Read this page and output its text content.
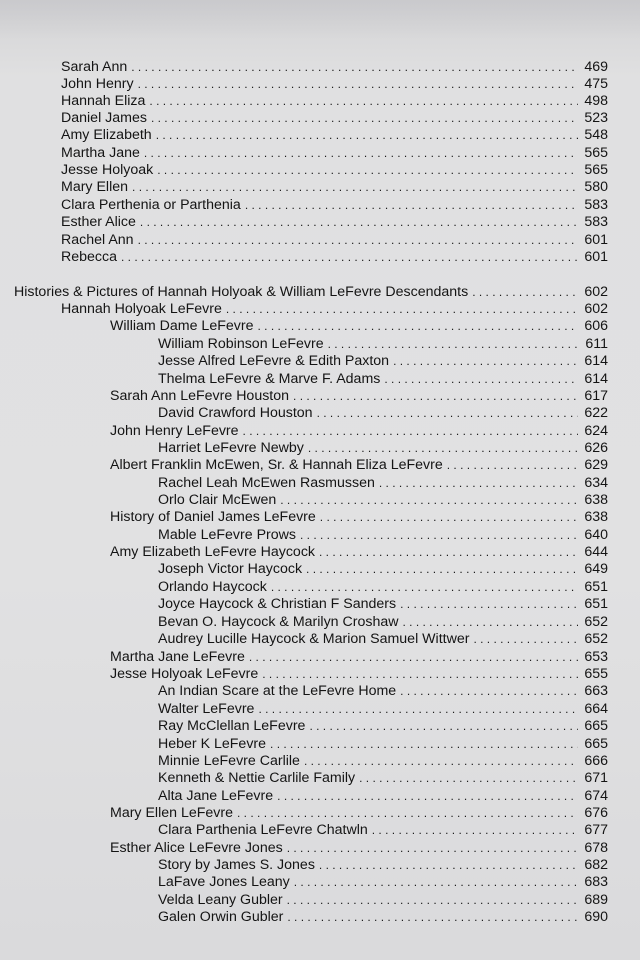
Sarah Ann . . .	469
John Henry . . .	475
Hannah Eliza . . .	498
Daniel James . . .	523
Amy Elizabeth . . .	548
Martha Jane . . .	565
Jesse Holyoak . . .	565
Mary Ellen . . .	580
Clara Perthenia or Parthenia . . .	583
Esther Alice . . .	583
Rachel Ann . . .	601
Rebecca . . .	601
Histories & Pictures of Hannah Holyoak & William LeFevre Descendants . . .	602
Hannah Holyoak LeFevre . . .	602
William Dame LeFevre . . .	606
William Robinson LeFevre . . .	611
Jesse Alfred LeFevre & Edith Paxton . . .	614
Thelma LeFevre & Marve F. Adams . . .	614
Sarah Ann LeFevre Houston . . .	617
David Crawford Houston . . .	622
John Henry LeFevre . . .	624
Harriet LeFevre Newby . . .	626
Albert Franklin McEwen, Sr. & Hannah Eliza LeFevre . . .	629
Rachel Leah McEwen Rasmussen . . .	634
Orlo Clair McEwen . . .	638
History of Daniel James LeFevre . . .	638
Mable LeFevre Prows . . .	640
Amy Elizabeth LeFevre Haycock . . .	644
Joseph Victor Haycock . . .	649
Orlando Haycock . . .	651
Joyce Haycock & Christian F Sanders . . .	651
Bevan O. Haycock & Marilyn Croshaw . . .	652
Audrey Lucille Haycock & Marion Samuel Wittwer . . .	652
Martha Jane LeFevre . . .	653
Jesse Holyoak LeFevre . . .	655
An Indian Scare at the LeFevre Home . . .	663
Walter LeFevre . . .	664
Ray McClellan LeFevre . . .	665
Heber K LeFevre . . .	665
Minnie LeFevre Carlile . . .	666
Kenneth & Nettie Carlile Family . . .	671
Alta Jane LeFevre . . .	674
Mary Ellen LeFevre . . .	676
Clara Parthenia LeFevre Chatwln . . .	677
Esther Alice LeFevre Jones . . .	678
Story by James S. Jones . . .	682
LaFave Jones Leany . . .	683
Velda Leany Gubler . . .	689
Galen Orwin Gubler . . .	690
